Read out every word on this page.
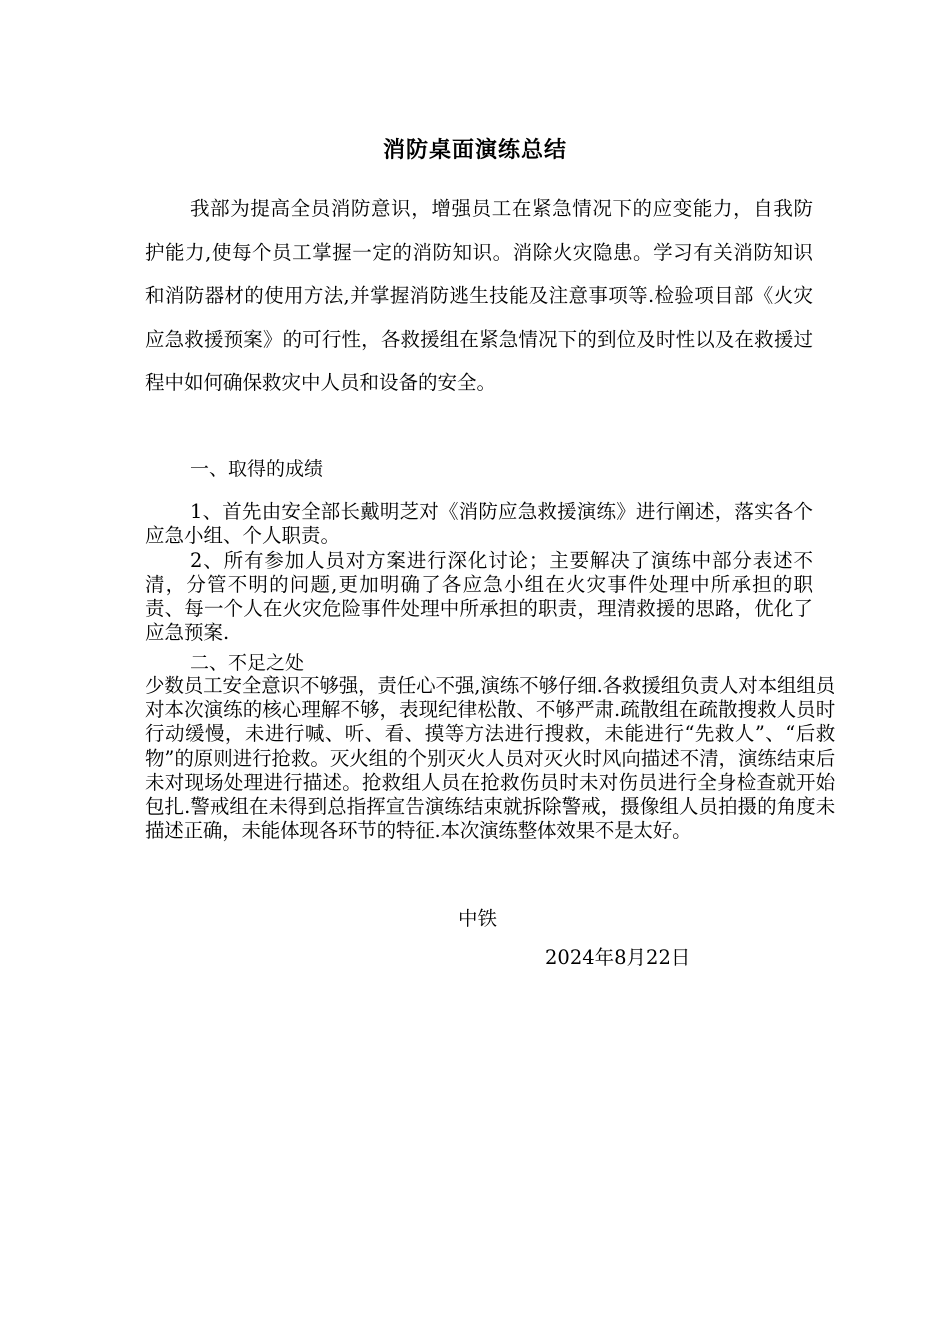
消防桌面演练总结

我部为提高全员消防意识，增强员工在紧急情况下的应变能力，自我防护能力,使每个员工掌握一定的消防知识。消除火灾隐患。学习有关消防知识和消防器材的使用方法,并掌握消防逃生技能及注意事项等.检验项目部《火灾应急救援预案》的可行性，各救援组在紧急情况下的到位及时性以及在救援过程中如何确保救灾中人员和设备的安全。

一、取得的成绩

1、首先由安全部长戴明芝对《消防应急救援演练》进行阐述，落实各个应急小组、个人职责。

2、所有参加人员对方案进行深化讨论；主要解决了演练中部分表述不清，分管不明的问题,更加明确了各应急小组在火灾事件处理中所承担的职责、每一个人在火灾危险事件处理中所承担的职责，理清救援的思路，优化了应急预案.

二、不足之处

少数员工安全意识不够强，责任心不强,演练不够仔细.各救援组负责人对本组组员对本次演练的核心理解不够，表现纪律松散、不够严肃.疏散组在疏散搜救人员时行动缓慢，未进行喊、听、看、摸等方法进行搜救，未能进行“先救人”、“后救物”的原则进行抢救。灭火组的个别灭火人员对灭火时风向描述不清，演练结束后未对现场处理进行描述。抢救组人员在抢救伤员时未对伤员进行全身检查就开始包扎.警戒组在未得到总指挥宣告演练结束就拆除警戒，摄像组人员拍摄的角度未描述正确，未能体现各环节的特征.本次演练整体效果不是太好。

中铁

2024年8月22日
